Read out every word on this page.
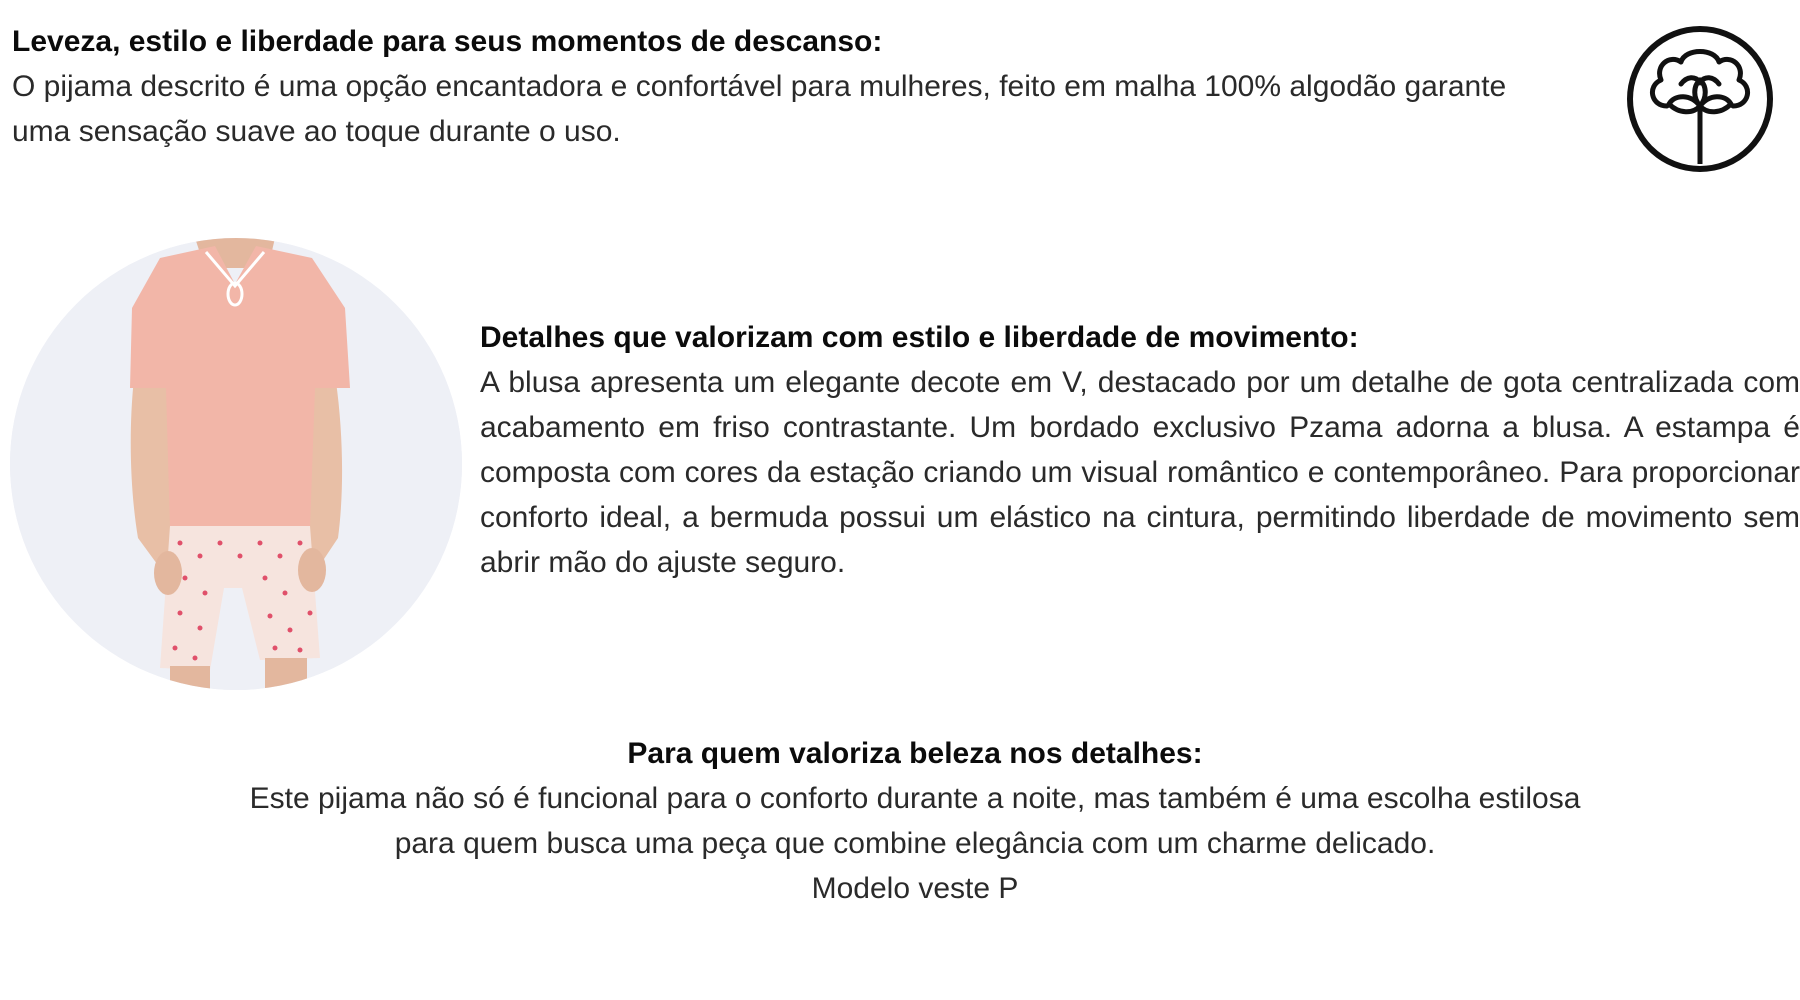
Leveza, estilo e liberdade para seus momentos de descanso:
O pijama descrito é uma opção encantadora e confortável para mulheres, feito em malha 100% algodão garante uma sensação suave ao toque durante o uso.
Detalhes que valorizam com estilo e liberdade de movimento:
A blusa apresenta um elegante decote em V, destacado por um detalhe de gota centralizada com acabamento em friso contrastante. Um bordado exclusivo Pzama adorna a blusa. A estampa é composta com cores da estação criando um visual romântico e contemporâneo. Para proporcionar conforto ideal, a bermuda possui um elástico na cintura, permitindo liberdade de movimento sem abrir mão do ajuste seguro.
Para quem valoriza beleza nos detalhes:
Este pijama não só é funcional para o conforto durante a noite, mas também é uma escolha estilosa para quem busca uma peça que combine elegância com um charme delicado.
Modelo veste P
